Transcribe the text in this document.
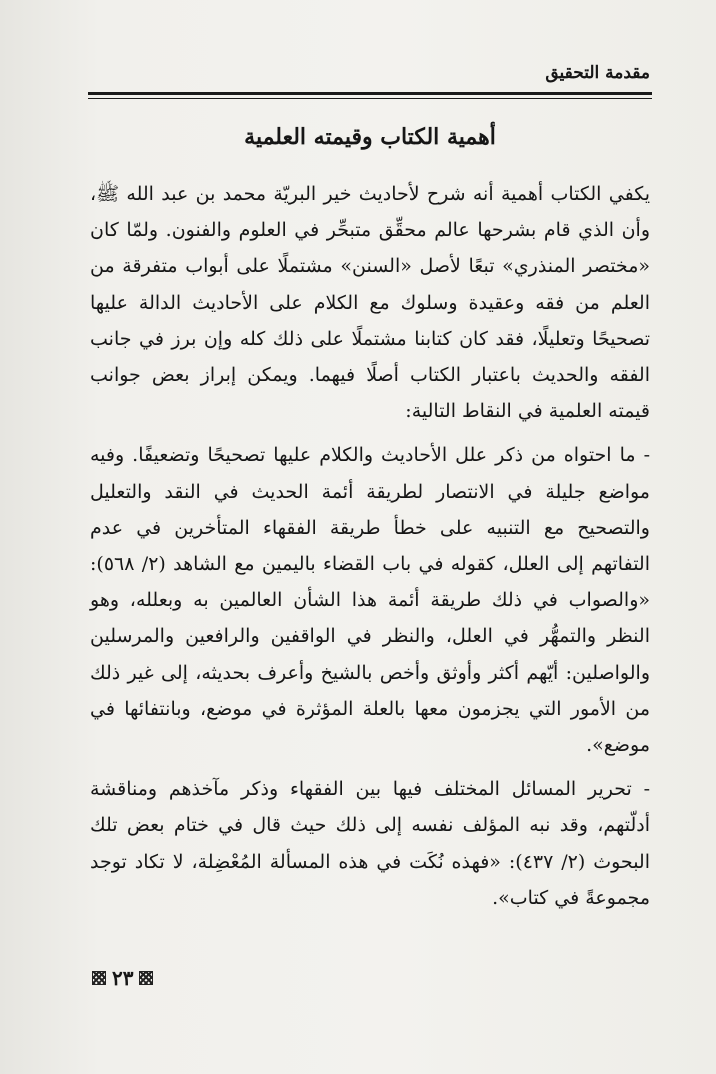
مقدمة التحقيق
أهمية الكتاب وقيمته العلمية

يكفي الكتاب أهمية أنه شرح لأحاديث خير البريّة محمد بن عبد الله ﷺ، وأن الذي قام بشرحها عالم محقِّق متبحِّر في العلوم والفنون. ولمّا كان «مختصر المنذري» تبعًا لأصل «السنن» مشتملًا على أبواب متفرقة من العلم من فقه وعقيدة وسلوك مع الكلام على الأحاديث الدالة عليها تصحيحًا وتعليلًا، فقد كان كتابنا مشتملًا على ذلك كله وإن برز في جانب الفقه والحديث باعتبار الكتاب أصلًا فيهما. ويمكن إبراز بعض جوانب قيمته العلمية في النقاط التالية:

- ما احتواه من ذكر علل الأحاديث والكلام عليها تصحيحًا وتضعيفًا. وفيه مواضع جليلة في الانتصار لطريقة أئمة الحديث في النقد والتعليل والتصحيح مع التنبيه على خطأ طريقة الفقهاء المتأخرين في عدم التفاتهم إلى العلل، كقوله في باب القضاء باليمين مع الشاهد (٢/ ٥٦٨): «والصواب في ذلك طريقة أئمة هذا الشأن العالمين به وبعلله، وهو النظر والتمهُّر في العلل، والنظر في الواقفين والرافعين والمرسلين والواصلين: أيّهم أكثر وأوثق وأخص بالشيخ وأعرف بحديثه، إلى غير ذلك من الأمور التي يجزمون معها بالعلة المؤثرة في موضع، وبانتفائها في موضع».

- تحرير المسائل المختلف فيها بين الفقهاء وذكر مآخذهم ومناقشة أدلّتهم، وقد نبه المؤلف نفسه إلى ذلك حيث قال في ختام بعض تلك البحوث (٢/ ٤٣٧): «فهذه نُكَت في هذه المسألة المُعْضِلة، لا تكاد توجد مجموعةً في كتاب».

٢٣
